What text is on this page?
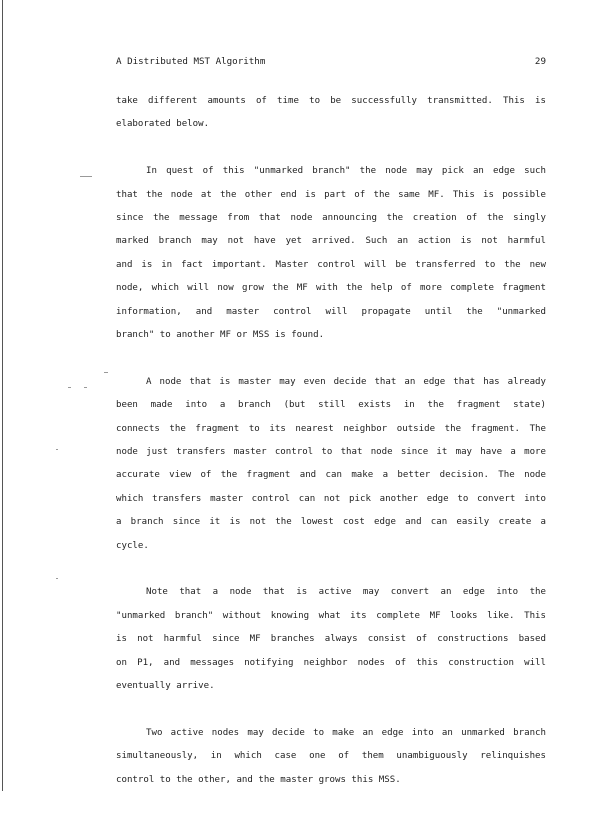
A Distributed MST Algorithm	29
take different amounts of time to be successfully transmitted. This is
elaborated below.
In quest of this "unmarked branch" the node may pick an edge such
that the node at the other end is part of the same MF. This is possible
since the message from that node announcing the creation of the singly
marked branch may not have yet arrived. Such an action is not harmful
and is in fact important. Master control will be transferred to the new
node, which will now grow the MF with the help of more complete fragment
information, and master control will propagate until the "unmarked
branch" to another MF or MSS is found.
A node that is master may even decide that an edge that has already
been made into a branch (but still exists in the fragment state)
connects the fragment to its nearest neighbor outside the fragment. The
node just transfers master control to that node since it may have a more
accurate view of the fragment and can make a better decision. The node
which transfers master control can not pick another edge to convert into
a branch since it is not the lowest cost edge and can easily create a
cycle.
Note that a node that is active may convert an edge into the
"unmarked branch" without knowing what its complete MF looks like. This
is not harmful since MF branches always consist of constructions based
on P1, and messages notifying neighbor nodes of this construction will
eventually arrive.
Two active nodes may decide to make an edge into an unmarked branch
simultaneously, in which case one of them unambiguously relinquishes
control to the other, and the master grows this MSS.
